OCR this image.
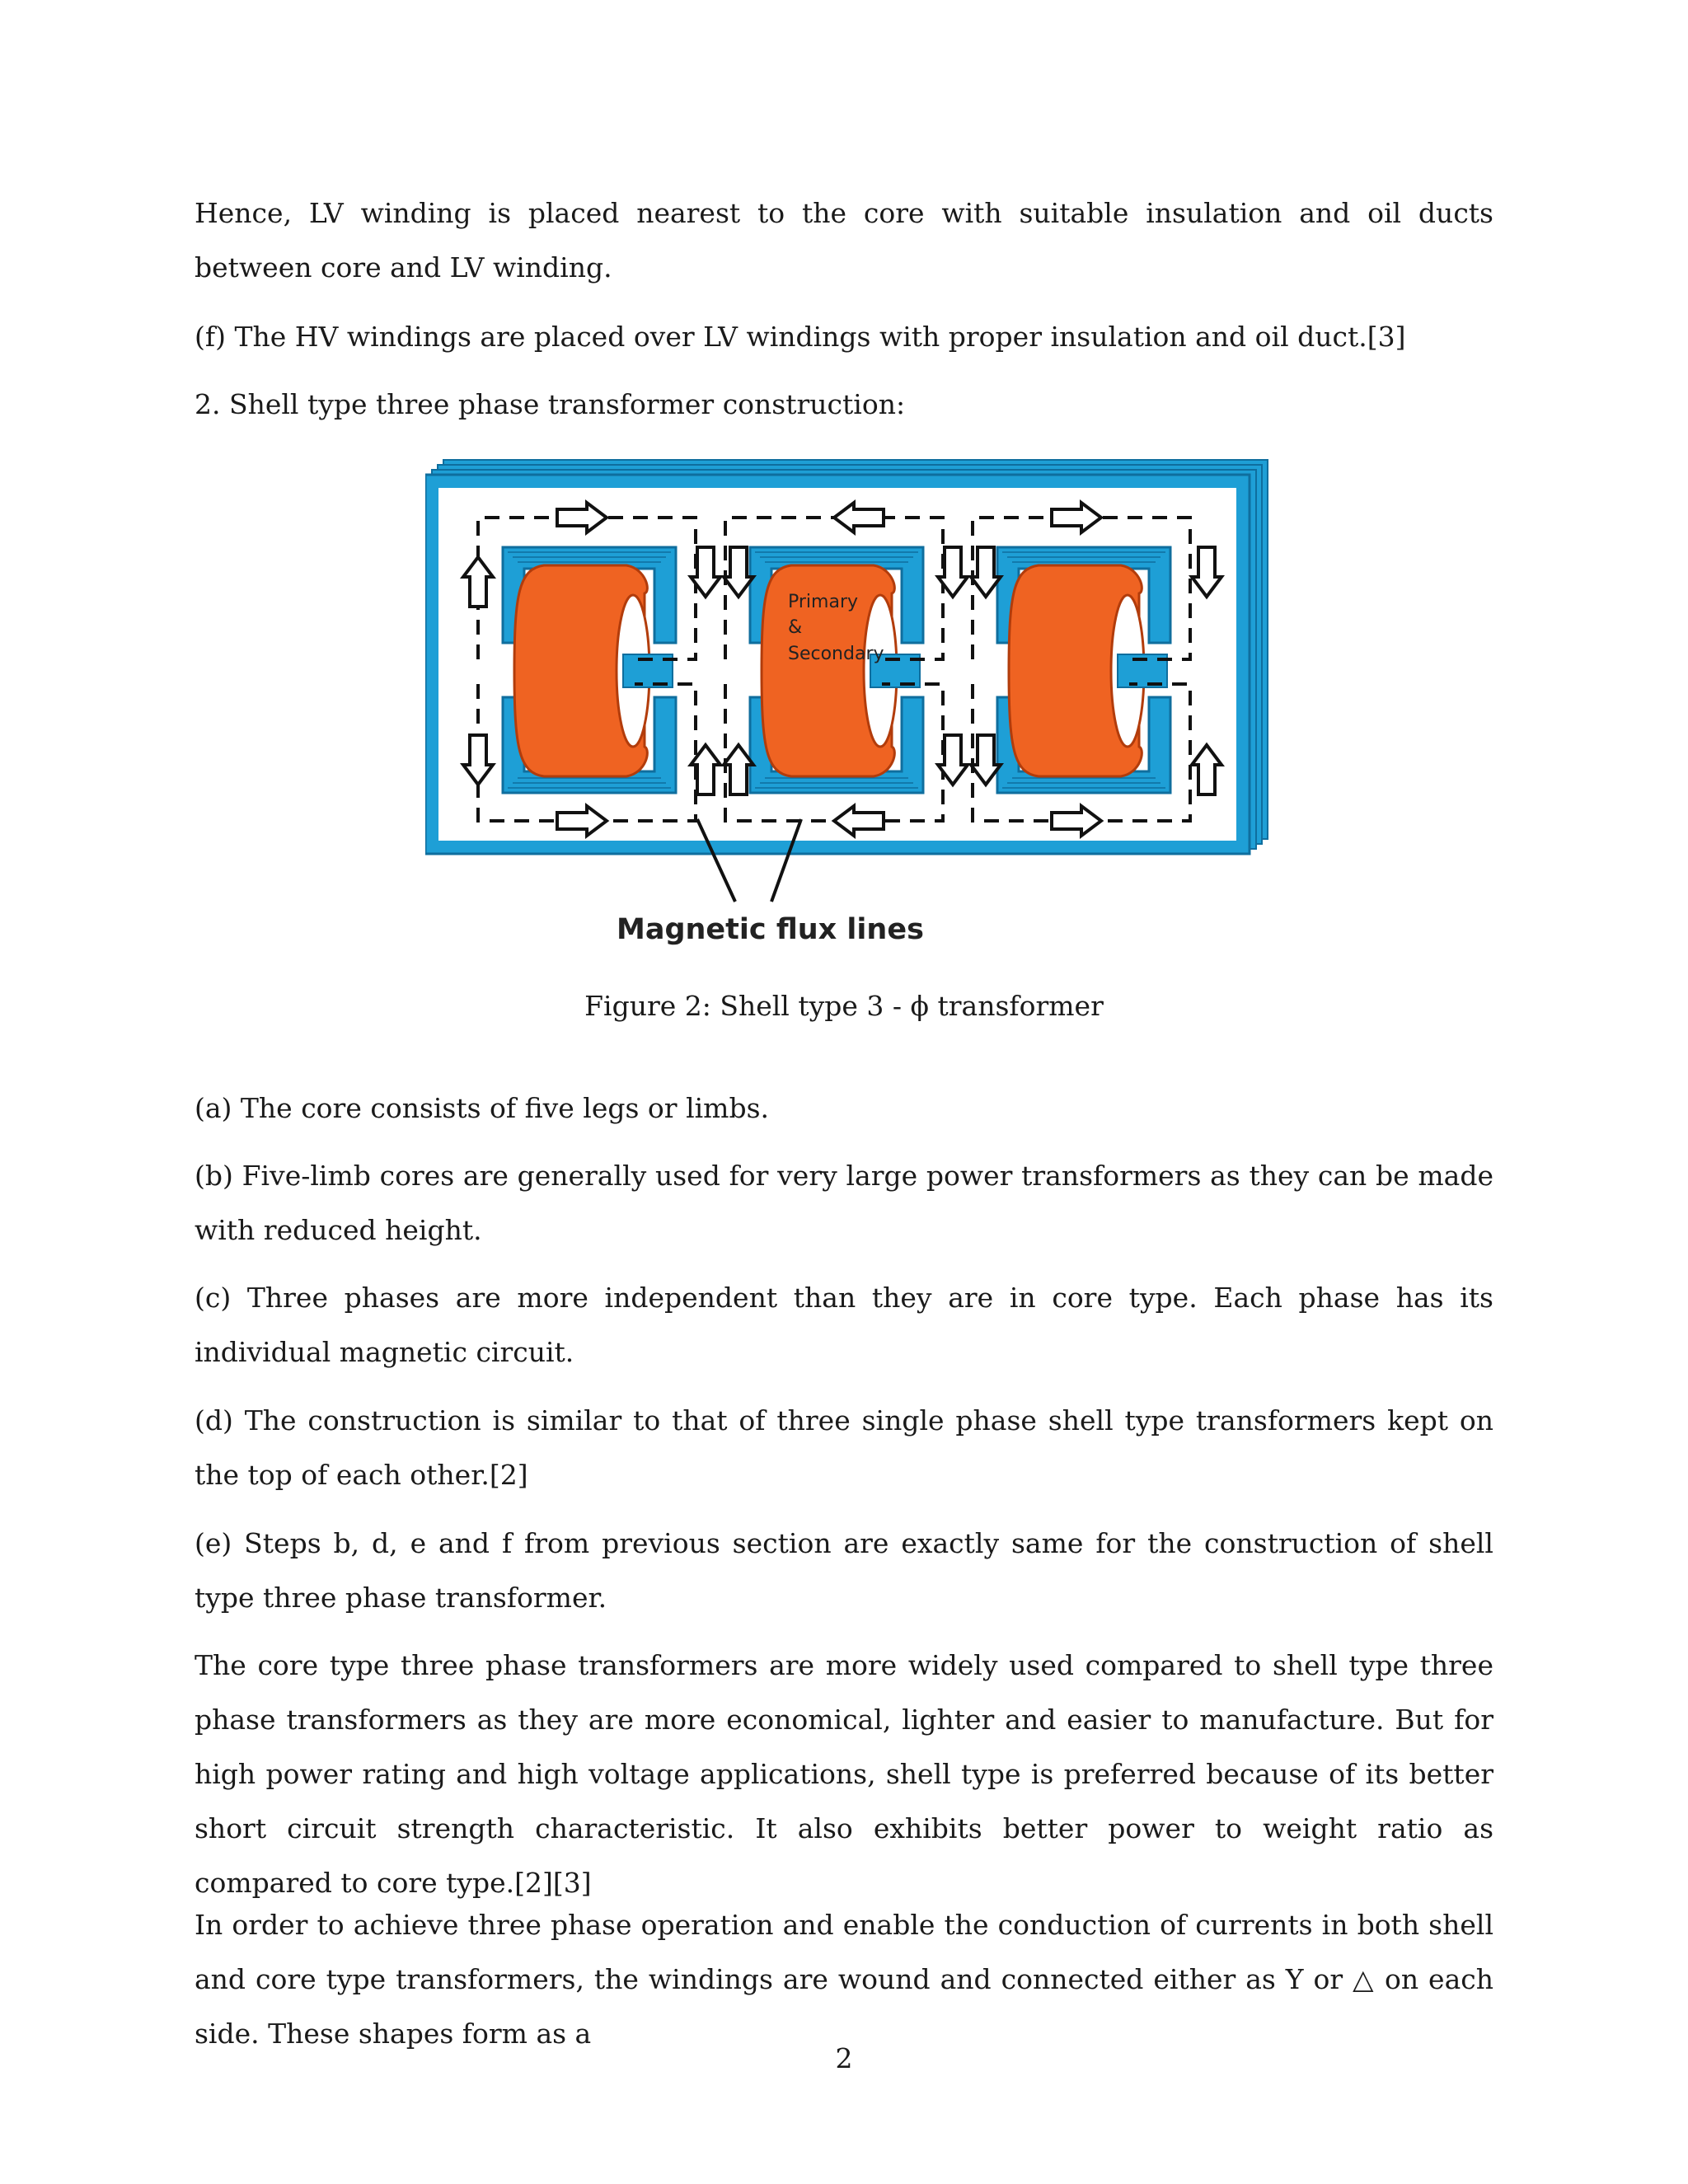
Hence, LV winding is placed nearest to the core with suitable insulation and oil ducts between core and LV winding.

(f) The HV windings are placed over LV windings with proper insulation and oil duct.[3]

2. Shell type three phase transformer construction:

Primary
&
Secondary
Magnetic flux lines
Figure 2: Shell type 3 - ϕ transformer

(a) The core consists of five legs or limbs.

(b) Five-limb cores are generally used for very large power transformers as they can be made with reduced height.

(c) Three phases are more independent than they are in core type. Each phase has its individual magnetic circuit.

(d) The construction is similar to that of three single phase shell type transformers kept on the top of each other.[2]

(e) Steps b, d, e and f from previous section are exactly same for the construction of shell type three phase transformer.

The core type three phase transformers are more widely used compared to shell type three phase transformers as they are more economical, lighter and easier to manufacture. But for high power rating and high voltage applications, shell type is preferred because of its better short circuit strength characteristic. It also exhibits better power to weight ratio as compared to core type.[2][3]

In order to achieve three phase operation and enable the conduction of currents in both shell and core type transformers, the windings are wound and connected either as Y or △ on each side. These shapes form as a

2
